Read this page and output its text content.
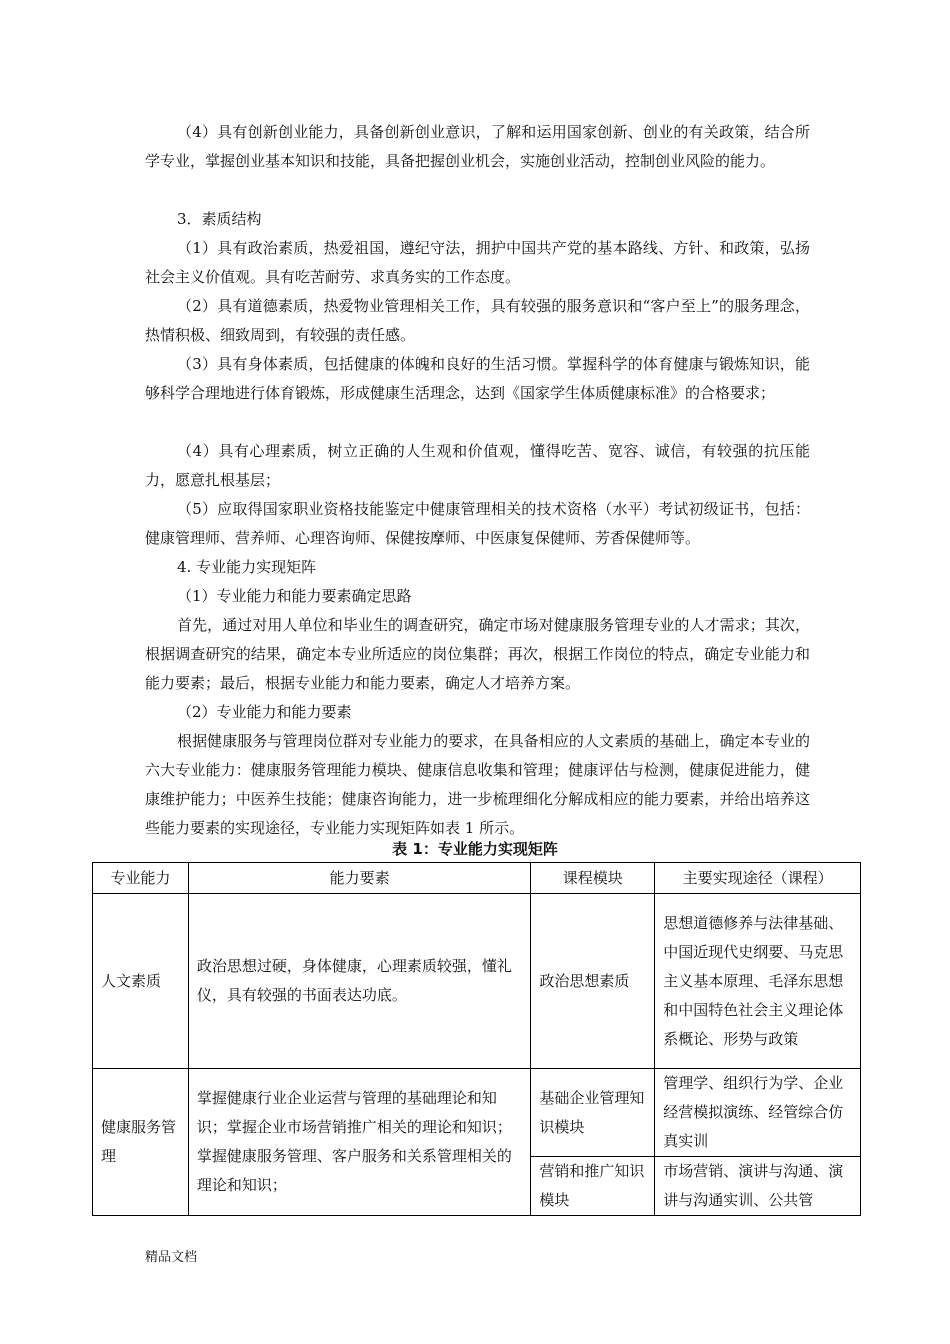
（4）具有创新创业能力，具备创新创业意识，了解和运用国家创新、创业的有关政策，结合所学专业，掌握创业基本知识和技能，具备把握创业机会，实施创业活动，控制创业风险的能力。

3．素质结构

（1）具有政治素质，热爱祖国，遵纪守法，拥护中国共产党的基本路线、方针、和政策，弘扬社会主义价值观。具有吃苦耐劳、求真务实的工作态度。

（2）具有道德素质，热爱物业管理相关工作，具有较强的服务意识和“客户至上”的服务理念，热情积极、细致周到，有较强的责任感。

（3）具有身体素质，包括健康的体魄和良好的生活习惯。掌握科学的体育健康与锻炼知识，能够科学合理地进行体育锻炼，形成健康生活理念，达到《国家学生体质健康标准》的合格要求；

（4）具有心理素质，树立正确的人生观和价值观，懂得吃苦、宽容、诚信，有较强的抗压能力，愿意扎根基层；

（5）应取得国家职业资格技能鉴定中健康管理相关的技术资格（水平）考试初级证书，包括：健康管理师、营养师、心理咨询师、保健按摩师、中医康复保健师、芳香保健师等。

4. 专业能力实现矩阵

（1）专业能力和能力要素确定思路

首先，通过对用人单位和毕业生的调查研究，确定市场对健康服务管理专业的人才需求；其次，根据调查研究的结果，确定本专业所适应的岗位集群；再次，根据工作岗位的特点，确定专业能力和能力要素；最后，根据专业能力和能力要素，确定人才培养方案。

（2）专业能力和能力要素

根据健康服务与管理岗位群对专业能力的要求，在具备相应的人文素质的基础上，确定本专业的六大专业能力：健康服务管理能力模块、健康信息收集和管理；健康评估与检测，健康促进能力，健康维护能力；中医养生技能；健康咨询能力，进一步梳理细化分解成相应的能力要素，并给出培养这些能力要素的实现途径，专业能力实现矩阵如表 1 所示。

表 1：专业能力实现矩阵
专业能力	能力要素	课程模块	主要实现途径（课程）
人文素质	政治思想过硬，身体健康，心理素质较强，懂礼仪，具有较强的书面表达功底。	政治思想素质	思想道德修养与法律基础、中国近现代史纲要、马克思主义基本原理、毛泽东思想和中国特色社会主义理论体系概论、形势与政策
健康服务管理	掌握健康行业企业运营与管理的基础理论和知识；掌握企业市场营销推广相关的理论和知识；掌握健康服务管理、客户服务和关系管理相关的理论和知识；	基础企业管理知识模块	管理学、组织行为学、企业经营模拟演练、经管综合仿真实训
		营销和推广知识模块	市场营销、演讲与沟通、演讲与沟通实训、公共管
精品文档
